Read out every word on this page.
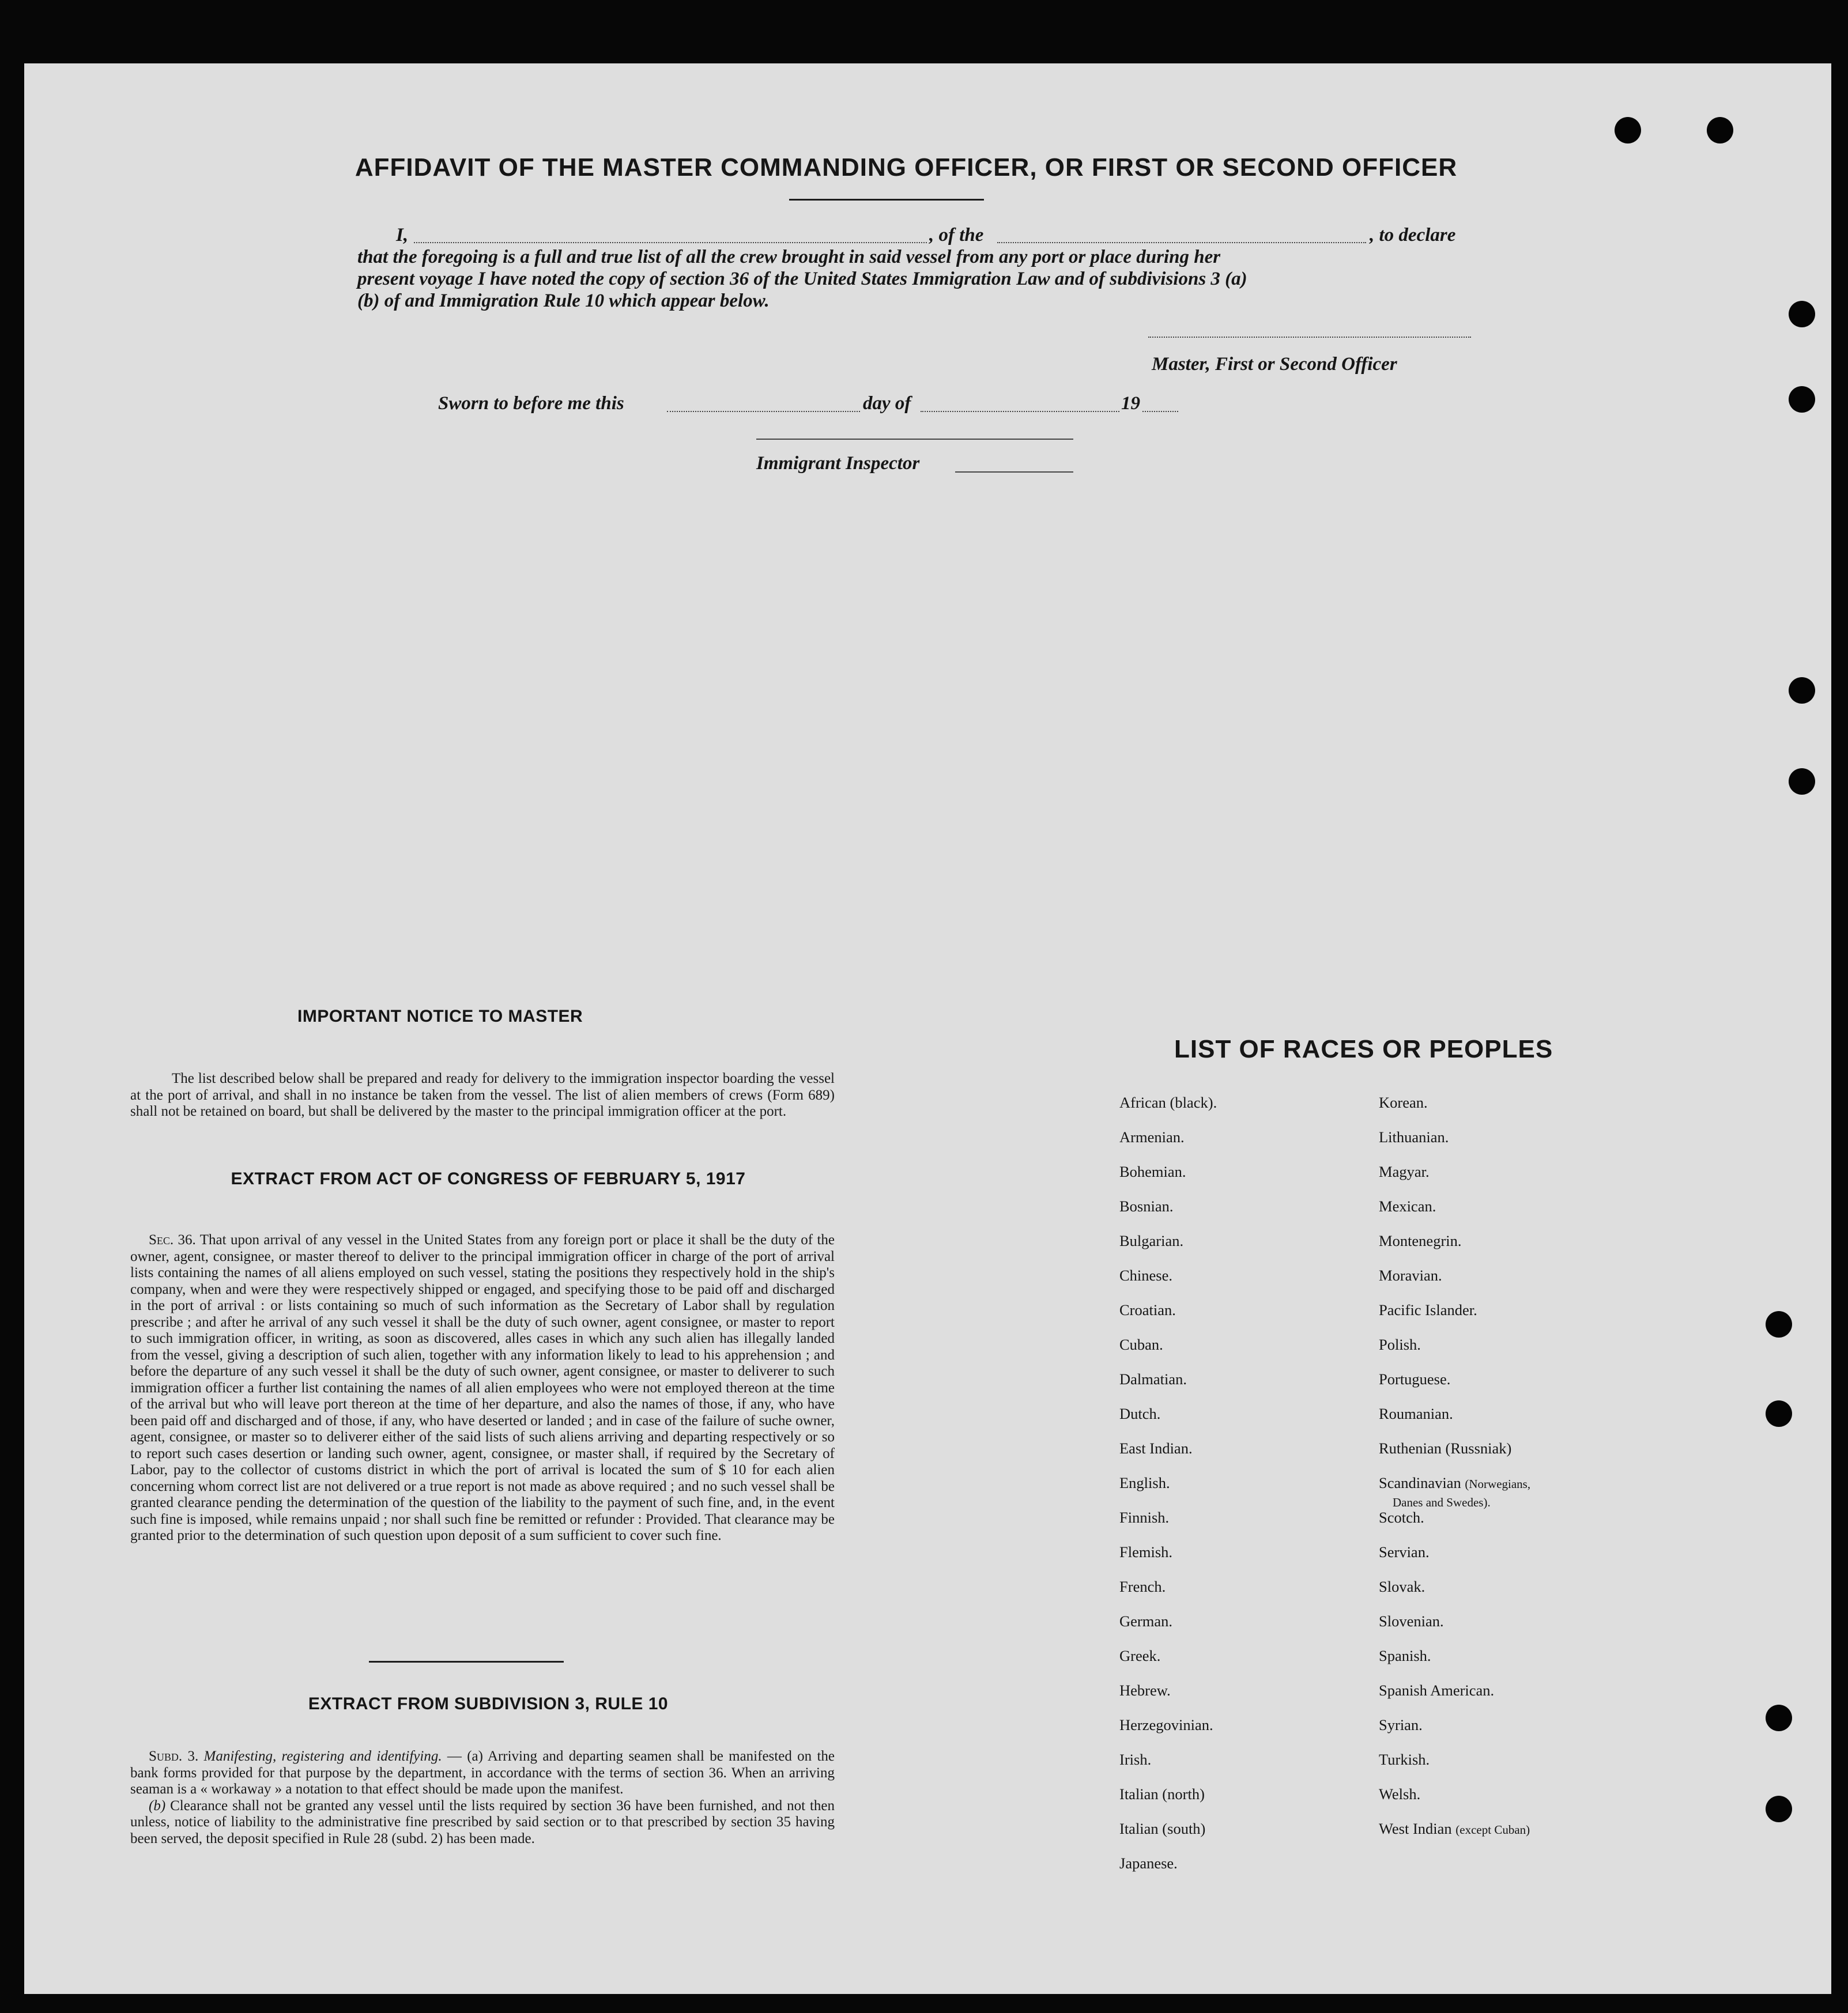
AFFIDAVIT OF THE MASTER COMMANDING OFFICER, OR FIRST OR SECOND OFFICER
I,	, of the	, to declare

that the foregoing is a full and true list of all the crew brought in said vessel from any port or place during her

present voyage I have noted the copy of section 36 of the United States Immigration Law and of subdivisions 3 (a)

(b) of and Immigration Rule 10 which appear below.

Master, First or Second Officer
Sworn to before me this	day of	19
Immigrant Inspector
IMPORTANT NOTICE TO MASTER

The list described below shall be prepared and ready for delivery to the immigration inspector boarding the vessel at the port of arrival, and shall in no instance be taken from the vessel. The list of alien members of crews (Form 689) shall not be retained on board, but shall be delivered by the master to the principal immigration officer at the port.

EXTRACT FROM ACT OF CONGRESS OF FEBRUARY 5, 1917

Sec. 36. That upon arrival of any vessel in the United States from any foreign port or place it shall be the duty of the owner, agent, consignee, or master thereof to deliver to the principal immigration officer in charge of the port of arrival lists containing the names of all aliens employed on such vessel, stating the positions they respectively hold in the ship's company, when and were they were respectively shipped or engaged, and specifying those to be paid off and discharged in the port of arrival : or lists containing so much of such information as the Secretary of Labor shall by regulation prescribe ; and after he arrival of any such vessel it shall be the duty of such owner, agent consignee, or master to report to such immigration officer, in writing, as soon as discovered, alles cases in which any such alien has illegally landed from the vessel, giving a description of such alien, together with any information likely to lead to his apprehension ; and before the departure of any such vessel it shall be the duty of such owner, agent consignee, or master to deliverer to such immigration officer a further list containing the names of all alien employees who were not employed thereon at the time of the arrival but who will leave port thereon at the time of her departure, and also the names of those, if any, who have been paid off and discharged and of those, if any, who have deserted or landed ; and in case of the failure of suche owner, agent, consignee, or master so to deliverer either of the said lists of such aliens arriving and departing respectively or so to report such cases desertion or landing such owner, agent, consignee, or master shall, if required by the Secretary of Labor, pay to the collector of customs district in which the port of arrival is located the sum of $ 10 for each alien concerning whom correct list are not delivered or a true report is not made as above required ; and no such vessel shall be granted clearance pending the determination of the question of the liability to the payment of such fine, and, in the event such fine is imposed, while remains unpaid ; nor shall such fine be remitted or refunder : Provided. That clearance may be granted prior to the determination of such question upon deposit of a sum sufficient to cover such fine.

EXTRACT FROM SUBDIVISION 3, RULE 10

Subd. 3. Manifesting, registering and identifying. — (a) Arriving and departing seamen shall be manifested on the bank forms provided for that purpose by the department, in accordance with the terms of section 36. When an arriving seaman is a « workaway » a notation to that effect should be made upon the manifest.

(b) Clearance shall not be granted any vessel until the lists required by section 36 have been furnished, and not then unless, notice of liability to the administrative fine prescribed by said section or to that prescribed by section 35 having been served, the deposit specified in Rule 28 (subd. 2) has been made.

LIST OF RACES OR PEOPLES
African (black).
Armenian.
Bohemian.
Bosnian.
Bulgarian.
Chinese.
Croatian.
Cuban.
Dalmatian.
Dutch.
East Indian.
English.
Finnish.
Flemish.
French.
German.
Greek.
Hebrew.
Herzegovinian.
Irish.
Italian (north)
Italian (south)
Japanese.
Korean.
Lithuanian.
Magyar.
Mexican.
Montenegrin.
Moravian.
Pacific Islander.
Polish.
Portuguese.
Roumanian.
Ruthenian (Russniak)
Scandinavian (Norwegians,
Danes and Swedes).
Scotch.
Servian.
Slovak.
Slovenian.
Spanish.
Spanish American.
Syrian.
Turkish.
Welsh.
West Indian (except Cuban)
